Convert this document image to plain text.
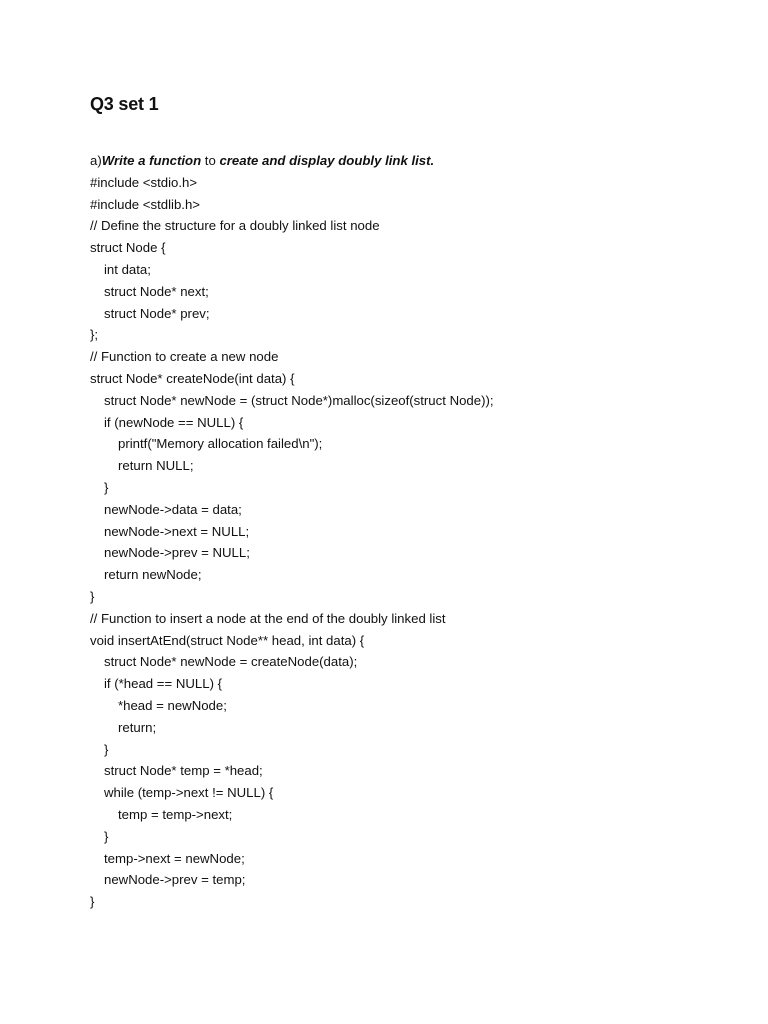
Q3 set 1
a)Write a function to create and display doubly link list.
#include <stdio.h>
#include <stdlib.h>
// Define the structure for a doubly linked list node
struct Node {
int data;
struct Node* next;
struct Node* prev;
};
// Function to create a new node
struct Node* createNode(int data) {
struct Node* newNode = (struct Node*)malloc(sizeof(struct Node));
if (newNode == NULL) {
printf("Memory allocation failed\n");
return NULL;
}
newNode->data = data;
newNode->next = NULL;
newNode->prev = NULL;
return newNode;
}
// Function to insert a node at the end of the doubly linked list
void insertAtEnd(struct Node** head, int data) {
struct Node* newNode = createNode(data);
if (*head == NULL) {
*head = newNode;
return;
}
struct Node* temp = *head;
while (temp->next != NULL) {
temp = temp->next;
}
temp->next = newNode;
newNode->prev = temp;
}
